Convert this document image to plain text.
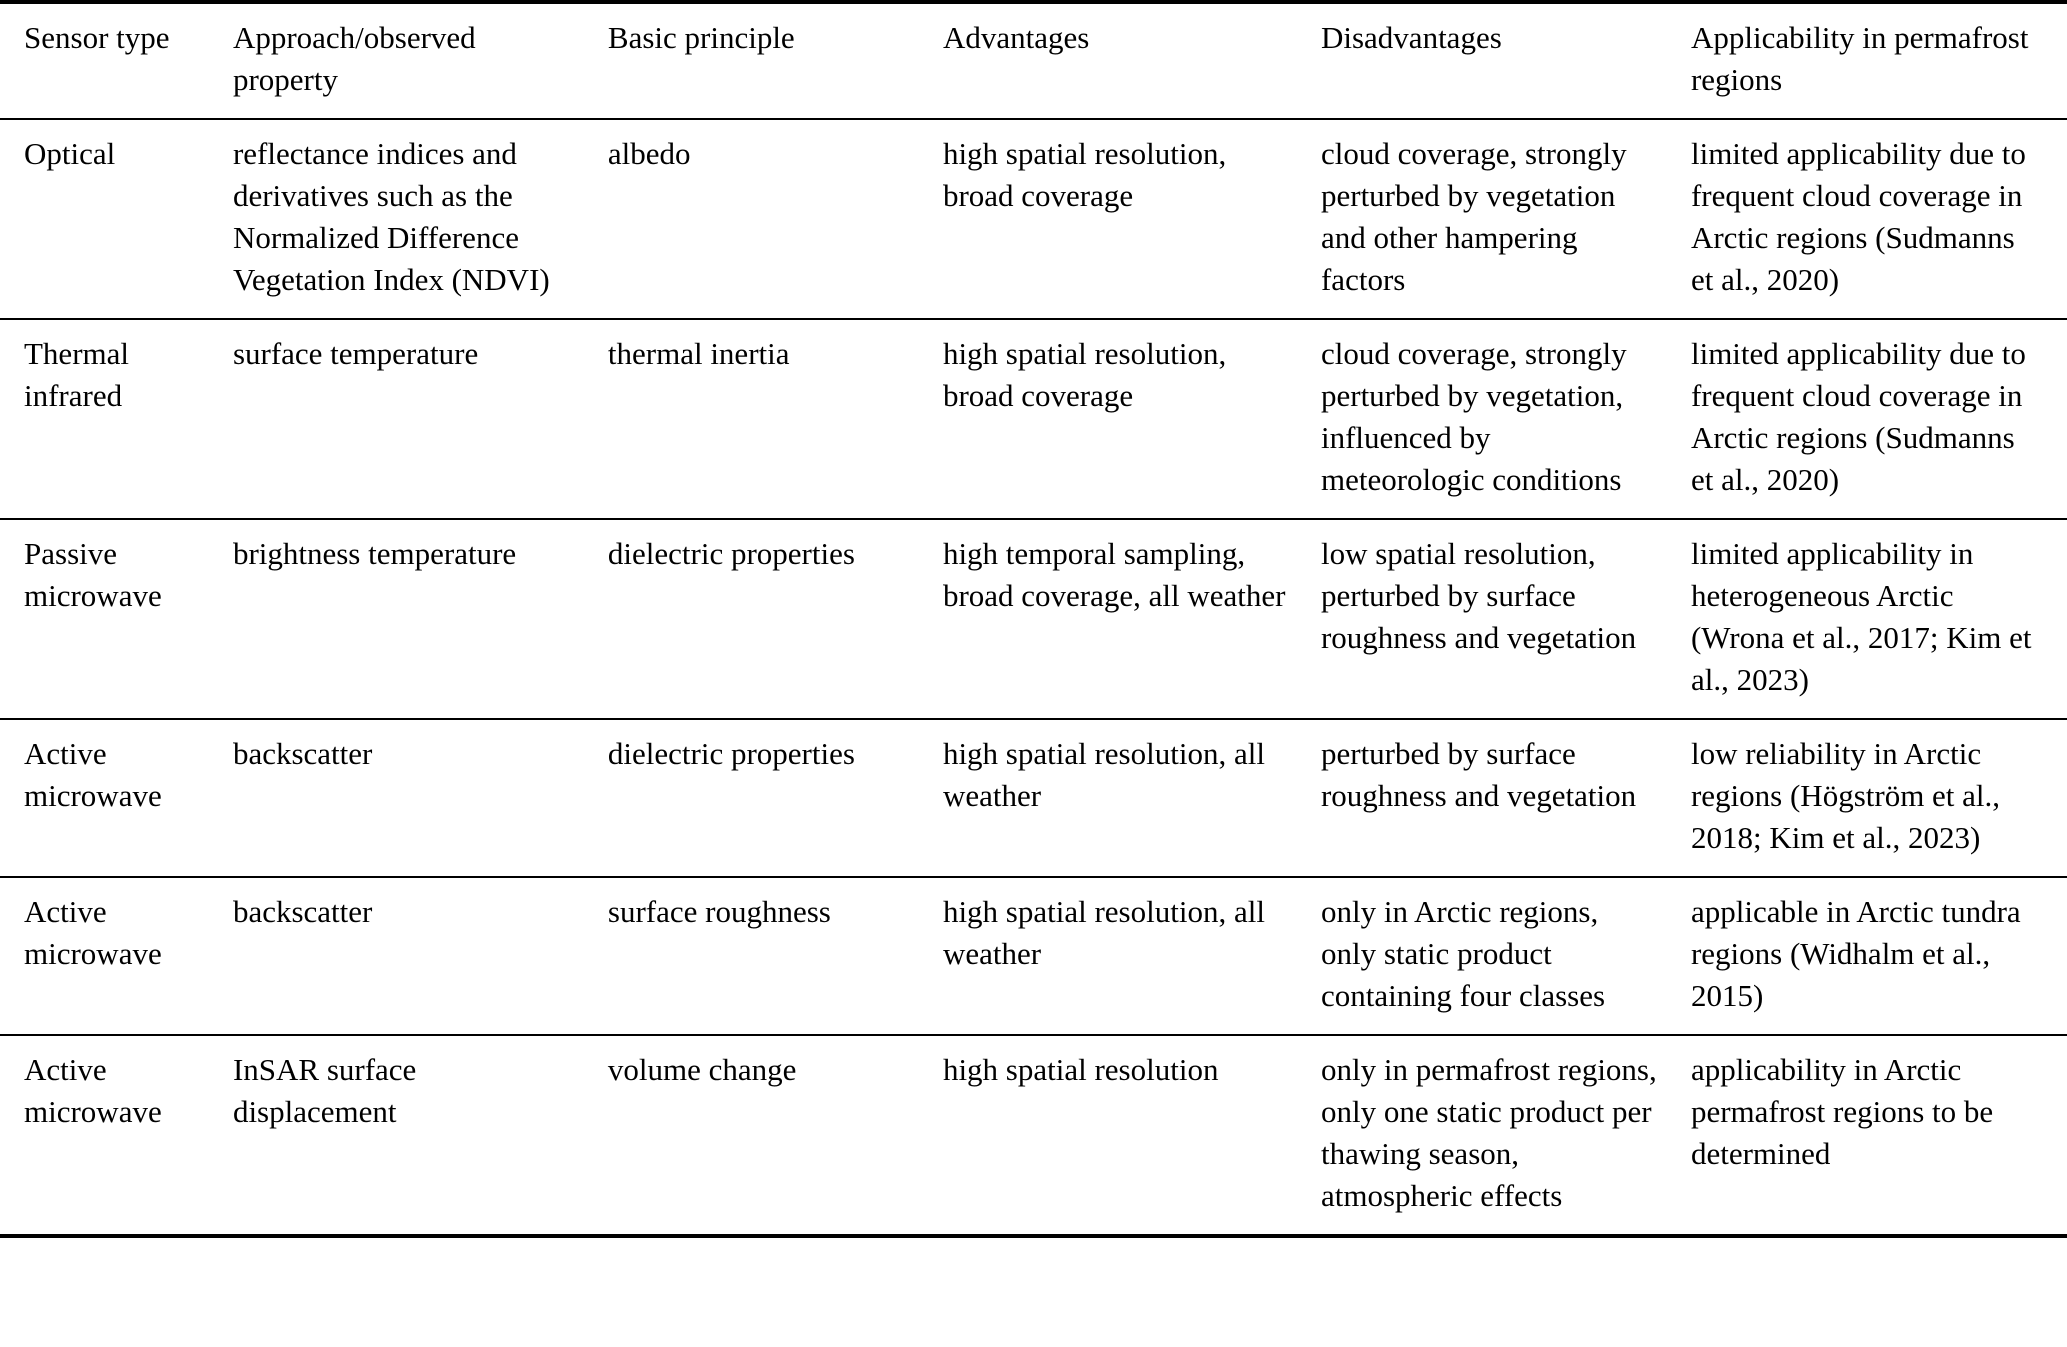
Sensor type	Approach/observed property	Basic principle	Advantages	Disadvantages	Applicability in permafrost regions
Optical	reflectance indices and derivatives such as the Normalized Difference Vegetation Index (NDVI)	albedo	high spatial resolution, broad coverage	cloud coverage, strongly perturbed by vegetation and other hampering factors	limited applicability due to frequent cloud coverage in Arctic regions (Sudmanns et al., 2020)
Thermal infrared	surface temperature	thermal inertia	high spatial resolution, broad coverage	cloud coverage, strongly perturbed by vegetation, influenced by meteorologic conditions	limited applicability due to frequent cloud coverage in Arctic regions (Sudmanns et al., 2020)
Passive microwave	brightness temperature	dielectric properties	high temporal sampling, broad coverage, all weather	low spatial resolution, perturbed by surface roughness and vegetation	limited applicability in heterogeneous Arctic (Wrona et al., 2017; Kim et al., 2023)
Active microwave	backscatter	dielectric properties	high spatial resolution, all weather	perturbed by surface roughness and vegetation	low reliability in Arctic regions (Högström et al., 2018; Kim et al., 2023)
Active microwave	backscatter	surface roughness	high spatial resolution, all weather	only in Arctic regions, only static product containing four classes	applicable in Arctic tundra regions (Widhalm et al., 2015)
Active microwave	InSAR surface displacement	volume change	high spatial resolution	only in permafrost regions, only one static product per thawing season, atmospheric effects	applicability in Arctic permafrost regions to be determined
